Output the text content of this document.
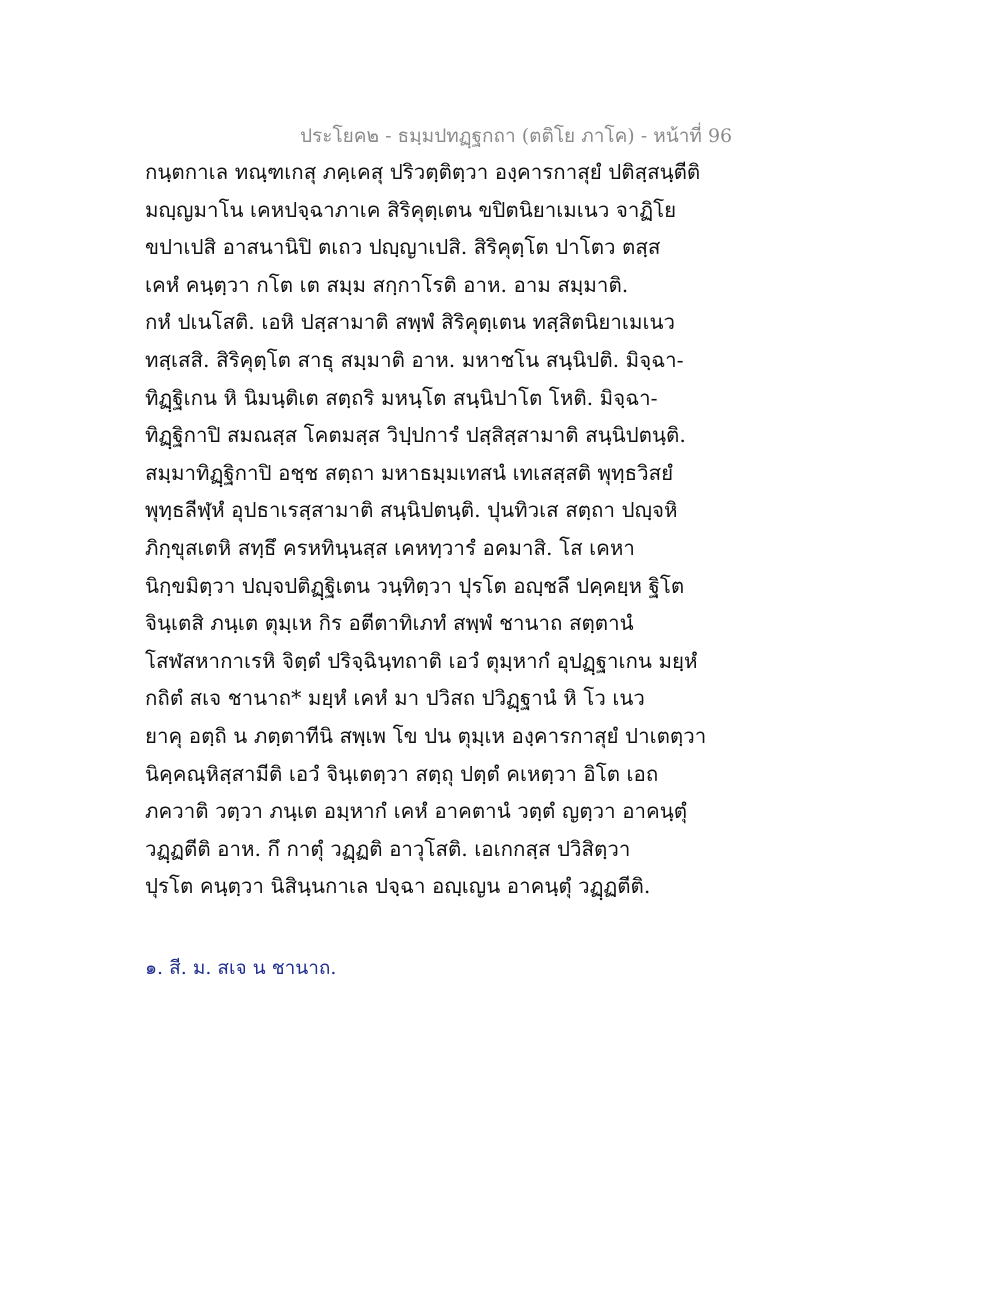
ประโยค๒ - ธมฺมปทฏฺฐกถา (ตติโย ภาโค) - หน้าที่ 96
กนฺตกาเล ทณฺฑเกสุ ภคฺเคสุ ปริวตฺติตฺวา องฺคารกาสุยํ ปติสฺสนฺตีติ
มญฺญมาโน เคหปจฺฉาภาเค สิริคุตฺเตน ขปิตนิยาเมเนว จาฏิโย
ขปาเปสิ อาสนานิปิ ตเถว ปญฺญาเปสิ. สิริคุตฺโต ปาโตว ตสฺส
เคหํ คนฺตฺวา กโต เต สมฺม สกฺกาโรติ อาห. อาม สมฺมาติ.
กหํ ปเนโสติ. เอหิ ปสฺสามาติ สพฺพํ สิริคุตฺเตน ทสฺสิตนิยาเมเนว
ทสฺเสสิ. สิริคุตฺโต สาธุ สมฺมาติ อาห. มหาชโน สนฺนิปติ. มิจฺฉา-
ทิฏฺฐิเกน หิ นิมนฺติเต สตฺถริ มหนฺโต สนฺนิปาโต โหติ. มิจฺฉา-
ทิฏฺฐิกาปิ สมณสฺส โคตมสฺส วิปฺปการํ ปสฺสิสฺสามาติ สนฺนิปตนฺติ.
สมฺมาทิฏฺฐิกาปิ อชฺช สตฺถา มหาธมฺมเทสนํ เทเสสฺสติ พุทฺธวิสยํ
พุทฺธลีฬฺหํ อุปธาเรสฺสามาติ สนฺนิปตนฺติ. ปุนทิวเส สตฺถา ปญฺจหิ
ภิกฺขุสเตหิ สทฺธึ ครหทินฺนสฺส เคหทฺวารํ อคมาสิ. โส เคหา
นิกฺขมิตฺวา ปญฺจปติฏฺฐิเตน วนฺทิตฺวา ปุรโต อญฺชลึ ปคฺคยฺห ฐิโต
จินฺเตสิ ภนฺเต ตุมฺเห กิร อตีตาทิเภทํ สพฺพํ ชานาถ สตฺตานํ
โสฬสหากาเรหิ จิตฺตํ ปริจฺฉินฺทถาติ เอวํ ตุมฺหากํ อุปฏฺฐาเกน มยฺหํ
กถิตํ สเจ ชานาถ* มยฺหํ เคหํ มา ปวิสถ ปวิฏฺฐานํ หิ โว เนว
ยาคุ อตฺถิ น ภตฺตาทีนิ สพฺเพ โข ปน ตุมฺเห องฺคารกาสุยํ ปาเตตฺวา
นิคฺคณฺหิสฺสามีติ เอวํ จินฺเตตฺวา สตฺถุ ปตฺตํ คเหตฺวา อิโต เอถ
ภควาติ วตฺวา ภนฺเต อมฺหากํ เคหํ อาคตานํ วตฺตํ ญตฺวา อาคนฺตุํ
วฏฺฏตีติ อาห. กึ กาตุํ วฏฺฏติ อาวุโสติ. เอเกกสฺส ปวิสิตฺวา
ปุรโต คนฺตฺวา นิสินฺนกาเล ปจฺฉา อญฺเญน อาคนฺตุํ วฏฺฏตีติ.
๑. สี. ม. สเจ น ชานาถ.
